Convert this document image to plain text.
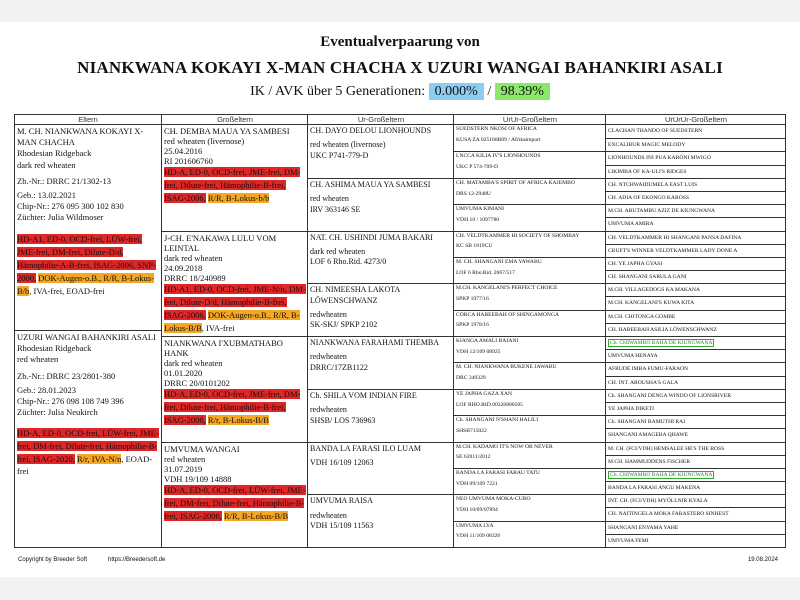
Eventualverpaarung von
NIANKWANA KOKAYI X-MAN CHACHA X UZURI WANGAI BAHANKIRI ASALI
IK / AVK über 5 Generationen: 0.000% / 98.39%
Eltern
M. CH. NIANKWANA KOKAYI X-MAN CHACHA
Rhodesian Ridgeback
dark red wheaten
Zb.-Nr.: DRRC 21/1302-13
Geb.: 13.02.2021
Chip-Nr.: 276 095 300 102 830
Züchter: Julia Wildmoser
HD-A1, ED-0, OCD-frei, LÜW-frei, JME-frei, DM-frei, Dilute-D/d, Hämophilie-A-B-frei, ISAG-2006, SNP-2000, DOK-Augen-o.B., R/R, B-Lokus-B/b, IVA-frei, EOAD-frei
UZURI WANGAI BAHANKIRI ASALI
Rhodesian Ridgeback
red wheaten
Zb.-Nr.: DRRC 23/2801-380
Geb.: 28.01.2023
Chip-Nr.: 276 098 108 749 396
Züchter: Julia Neukirch
HD-A, ED-0, OCD-frei, LÜW-frei, JME-frei, DM-frei, Dilute-frei, Hämophilie-B-frei, ISAG-2020, R/r, IVA-N/n, EOAD-frei
Großeltern
CH. DEMBA MAUA YA SAMBESI
red wheaten (livernose)
25.04.2016
RI 201606760
HD-A, ED-0, OCD-frei, JME-frei, DM-frei, Dilute-frei, Hämophilie-B-frei, ISAG-2006, R/R, B-Lokus-b/b
J-CH. E'NAKAWA LULU VOM LEINTAL
dark red wheaten
24.09.2018
DRRC 18/240989
HD-A1, ED-0, OCD-frei, JME-N/n, DM-frei, Dilute-D/d, Hämophilie-B-frei, ISAG-2006, DOK-Augen-o.B., R/R, B-Lokus-B/B, IVA-frei
NIANKWANA I'XUBMATHABO HANK
dark red wheaten
01.01.2020
DRRC 20/0101202
HD-A, ED-0, OCD-frei, JME-frei, DM-frei, Dilute-frei, Hämophilie-B-frei, ISAG-2006, R/r, B-Lokus-B/B
UMVUMA WANGAI
red wheaten
31.07.2019
VDH 19/109 14888
HD-A, ED-0, OCD-frei, LÜW-frei, JME-frei, DM-frei, Dilute-frei, Hämophilie-B-frei, ISAG-2006, R/R, B-Lokus-B/B
Ur-Großeltern
CH. DAYO DELOU LIONHOUNDS
red wheaten (livernose)
UKC P741-779-D
CH. ASHIMA MAUA YA SAMBESI
red wheaten
IRV 363146 SE
NAT. CH. USHINDI JUMA BAKARI
dark red wheaten
LOF 6 Rho.Rid. 4273/0
CH. NIMEESHA LAKOTA LÖWENSCHWANZ
redwheaten
SK-SKJ/ SPKP 2102
NIANKWANA FARAHAMI THEMBA
redwheaten
DRRC/17ZB1122
Ch. SHILA VOM INDIAN FIRE
redwheaten
SHSB/ LOS 736963
BANDA LA FARASI ILO LUAM
VDH 16/109 12063
UMVUMA RAISA
redwheaten
VDH 15/109 11563
UrUr-Großeltern
SUEDSTERN NKOSI OF AFRICA
KUSA ZA 025168B09 / Afrikaimport
LNCCA KILIA IV'S LIONHOUNDS
UKC P 574-709-D
CH. MATAMBA'S SPIRIT OF AFRICA KAJEMBO
DRS 12-2948U
UMVUMA KIMANI
VDH 10 / 1097780
CH. VELDTKAMMER HI SOCIETY OF SHOMBAY
KC SB 1819CU
M. CH. SHANGANI EMA YAWABU
LOF 6 Rho.Rid. 2667/517
M.CH. KANGELANI'S PERFECT CHOICE
SPKP 1977/16
CORCA HABEEBAH OF SHINGAMONGA
SPKP 1978/16
KIANGA AMALI BAJANI
VDH 12/109 08925
M. CH. NIANKWANA BUKENE JAWABU
DRC 349329
YE JAPHA GAZA XAN
LOF RHO.RID.00326800505
Ch. SHANGANI N'SHANI HALILI
SHSB715022
M.CH. KADAMO IT'S NOW OR NEVER
SE 62011/2012
BANDA LA FARASI FARAU TATU
VDH 09/109 7221
NEO UMVUMA MOKA-CUBO
VDH 10/09/07894
UMVUMA LYA
VDH 11/109 08326
UrUrUr-Großeltern
CLACHAN THANDO OF SUEDSTERN
EXCALIBUR MAGIC MELODY
LIONHOUNDS INI PUA KARONI MWIGO
LIKIMBA OF KA-ULI'S RIDGES
CH. NTCHWAIDUMELA EAST LUIS
CH. ADIA OF EKONGO KAROSS
M.CH. ABUTAMBU AZIZ DE KIUNGWANA
UMVUMA AMIRA
CH. VELDTKAMMER HI SHANGANI PANSA DAFINA
CRUFT'S WINNER VELDTKAMMER LADY DONE A
CH. YE JAPHA GYASI
CH. SHANGANI SARULA GANI
M.CH. VILLAGEDOGS KA MAKANA
M.CH. KANGELANI'S KUWA KITA
M.CH. CHITONGA GOMBE
CH. HABEEBAH ASILIA LÖWENSCHWANZ
Ch. CHIWAMBO BAHA DE KIUNGWANA
UMVUMA HENAYA
AFRUDE IMBA FUMU-FARAON
CH. INT. AROUSHA'S GALA
Ch. SHANGANI DENGA WINDO OF LIONSRIVER
YE JAPHA DIKETI
Ch. SHANGANI BAMUTHI RAI
SHANGANI AMAGEBA QHAWE
M. CH. (FCI/VDH) HEMSALEE HE'S THE BOSS
M.CH. HAMMUDDENS FISCHER
Ch. CHIWAMBO BAHA DE KIUNGWANA
BANDA LA FARASI ANGU MAKENA
INT. CH. (FCI/VDH) MYÖLLNIR KYALA
CH. NAITINGELA MOKA FARASTERO SINHEST
SHANGANI ENYAMA YAHE
UMVUMA FEMI
Copyright by Breeder Soft	https://Breedersoft.de	19.08.2024
